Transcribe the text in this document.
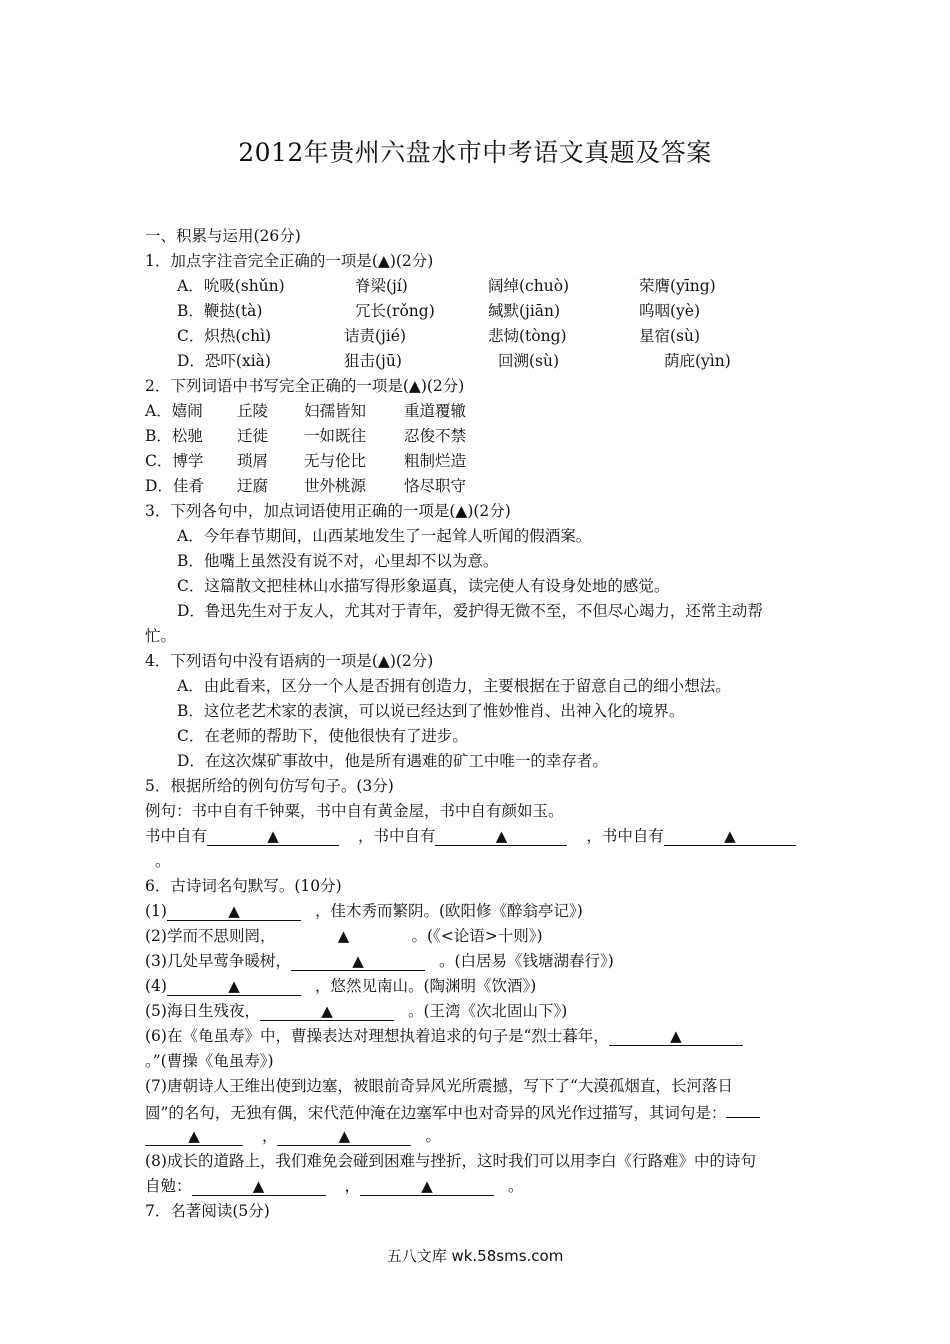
2012年贵州六盘水市中考语文真题及答案
一、积累与运用(26分)
1．加点字注音完全正确的一项是(▲)(2分)
A．吮吸(shǔn)	脊梁(jí)	阔绰(chuò)	荣膺(yīng)
B．鞭挞(tà)	冗长(rǒng)	缄默(jiān)	呜咽(yè)
C．炽热(chì)	诘责(jié)	悲恸(tòng)	星宿(sù)
D．恐吓(xià)	狙击(jū)	回溯(sù)	荫庇(yìn)
2．下列词语中书写完全正确的一项是(▲)(2分)
A．嬉闹 丘陵 妇孺皆知 重道覆辙
B．松驰 迁徙 一如既往 忍俊不禁
C．博学 琐屑 无与伦比 粗制烂造
D．佳肴 迂腐 世外桃源 恪尽职守
3．下列各句中，加点词语使用正确的一项是(▲)(2分)
A．今年春节期间，山西某地发生了一起耸人听闻的假酒案。
B．他嘴上虽然没有说不对，心里却不以为意。
C．这篇散文把桂林山水描写得形象逼真，读完使人有设身处地的感觉。
D．鲁迅先生对于友人，尤其对于青年，爱护得无微不至，不但尽心竭力，还常主动帮
忙。
4．下列语句中没有语病的一项是(▲)(2分)
A．由此看来，区分一个人是否拥有创造力，主要根据在于留意自己的细小想法。
B．这位老艺术家的表演，可以说已经达到了惟妙惟肖、出神入化的境界。
C．在老师的帮助下，使他很快有了进步。
D．在这次煤矿事故中，他是所有遇难的矿工中唯一的幸存者。
5．根据所给的例句仿写句子。(3分)
例句：书中自有千钟粟，书中自有黄金屋，书中自有颜如玉。
书中自有	▲	，书中自有	▲	，书中自有	▲
。
6．古诗词名句默写。(10分)
(1)	▲	，佳木秀而繁阴。(欧阳修《醉翁亭记》)
(2)学而不思则罔，	▲	。(《<论语>十则》)
(3)几处早莺争暖树，	▲	。(白居易《钱塘湖春行》)
(4)	▲	，悠然见南山。(陶渊明《饮酒》)
(5)海日生残夜，	▲	。(王湾《次北固山下》)
(6)在《龟虽寿》中，曹操表达对理想执着追求的句子是“烈士暮年，	▲
。”(曹操《龟虽寿》)
(7)唐朝诗人王维出使到边塞，被眼前奇异风光所震撼，写下了“大漠孤烟直，长河落日
圆”的名句，无独有偶，宋代范仲淹在边塞军中也对奇异的风光作过描写，其词句是：
▲	，	▲	。
(8)成长的道路上，我们难免会碰到困难与挫折，这时我们可以用李白《行路难》中的诗句
自勉：	▲	，	▲	。
7．名著阅读(5分)
五八文库 wk.58sms.com
